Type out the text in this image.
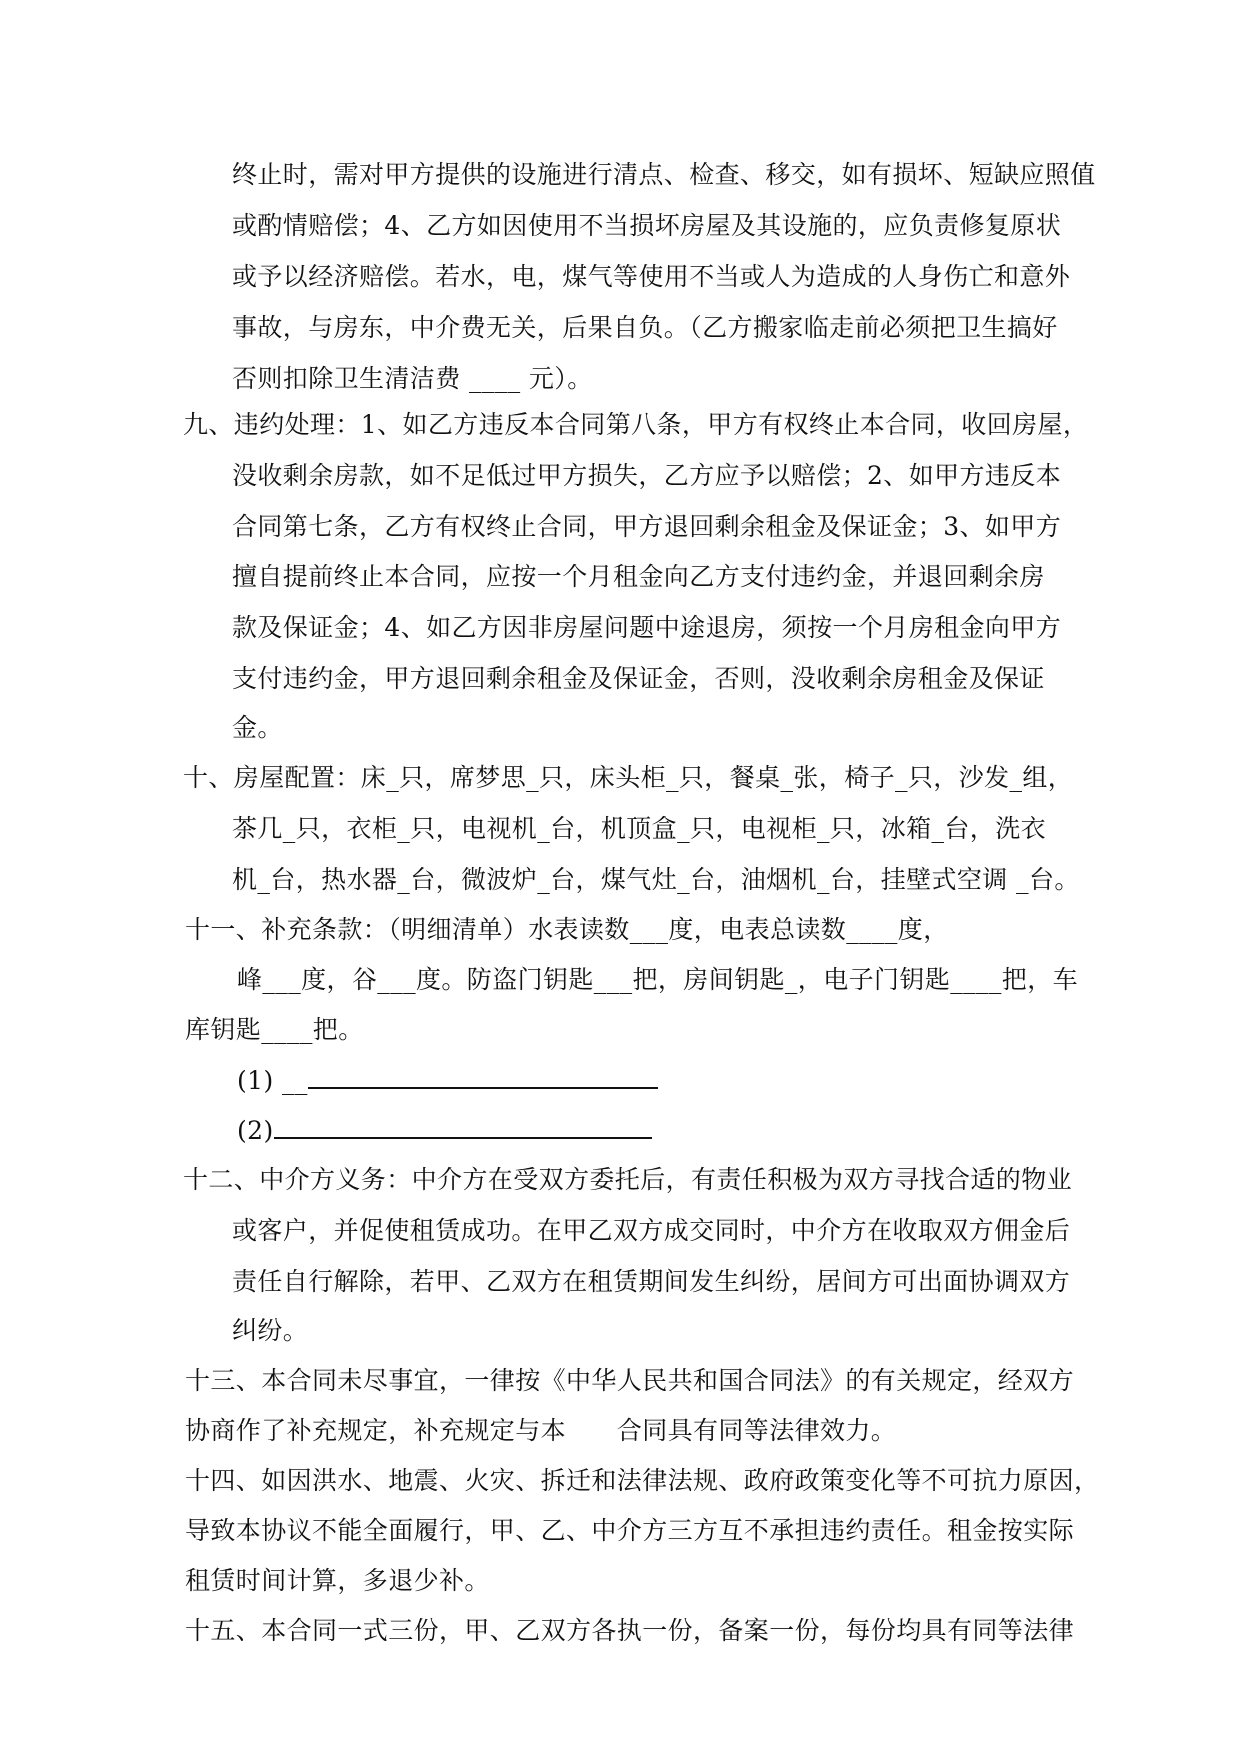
终止时，需对甲方提供的设施进行清点、检查、移交，如有损坏、短缺应照值
或酌情赔偿；4、乙方如因使用不当损坏房屋及其设施的，应负责修复原状
或予以经济赔偿。若水，电，煤气等使用不当或人为造成的人身伤亡和意外
事故，与房东，中介费无关，后果自负。（乙方搬家临走前必须把卫生搞好
否则扣除卫生清洁费 ____ 元）。
九、违约处理：1、如乙方违反本合同第八条，甲方有权终止本合同，收回房屋，
没收剩余房款，如不足低过甲方损失，乙方应予以赔偿；2、如甲方违反本
合同第七条，乙方有权终止合同，甲方退回剩余租金及保证金；3、如甲方
擅自提前终止本合同，应按一个月租金向乙方支付违约金，并退回剩余房
款及保证金；4、如乙方因非房屋问题中途退房，须按一个月房租金向甲方
支付违约金，甲方退回剩余租金及保证金，否则，没收剩余房租金及保证
金。
十、房屋配置：床_只，席梦思_只，床头柜_只，餐桌_张，椅子_只，沙发_组，
茶几_只，衣柜_只，电视机_台，机顶盒_只，电视柜_只，冰箱_台，洗衣
机_台，热水器_台，微波炉_台，煤气灶_台，油烟机_台，挂壁式空调 _台。
十一、补充条款：（明细清单）水表读数___度，电表总读数____度，
峰___度，谷___度。防盗门钥匙___把，房间钥匙_，电子门钥匙____把，车
库钥匙____把。
(1) __
(2)
十二、中介方义务：中介方在受双方委托后，有责任积极为双方寻找合适的物业
或客户，并促使租赁成功。在甲乙双方成交同时，中介方在收取双方佣金后
责任自行解除，若甲、乙双方在租赁期间发生纠纷，居间方可出面协调双方
纠纷。
十三、本合同未尽事宜，一律按《中华人民共和国合同法》的有关规定，经双方
协商作了补充规定，补充规定与本　　合同具有同等法律效力。
十四、如因洪水、地震、火灾、拆迁和法律法规、政府政策变化等不可抗力原因，
导致本协议不能全面履行，甲、乙、中介方三方互不承担违约责任。租金按实际
租赁时间计算，多退少补。
十五、本合同一式三份，甲、乙双方各执一份，备案一份，每份均具有同等法律
